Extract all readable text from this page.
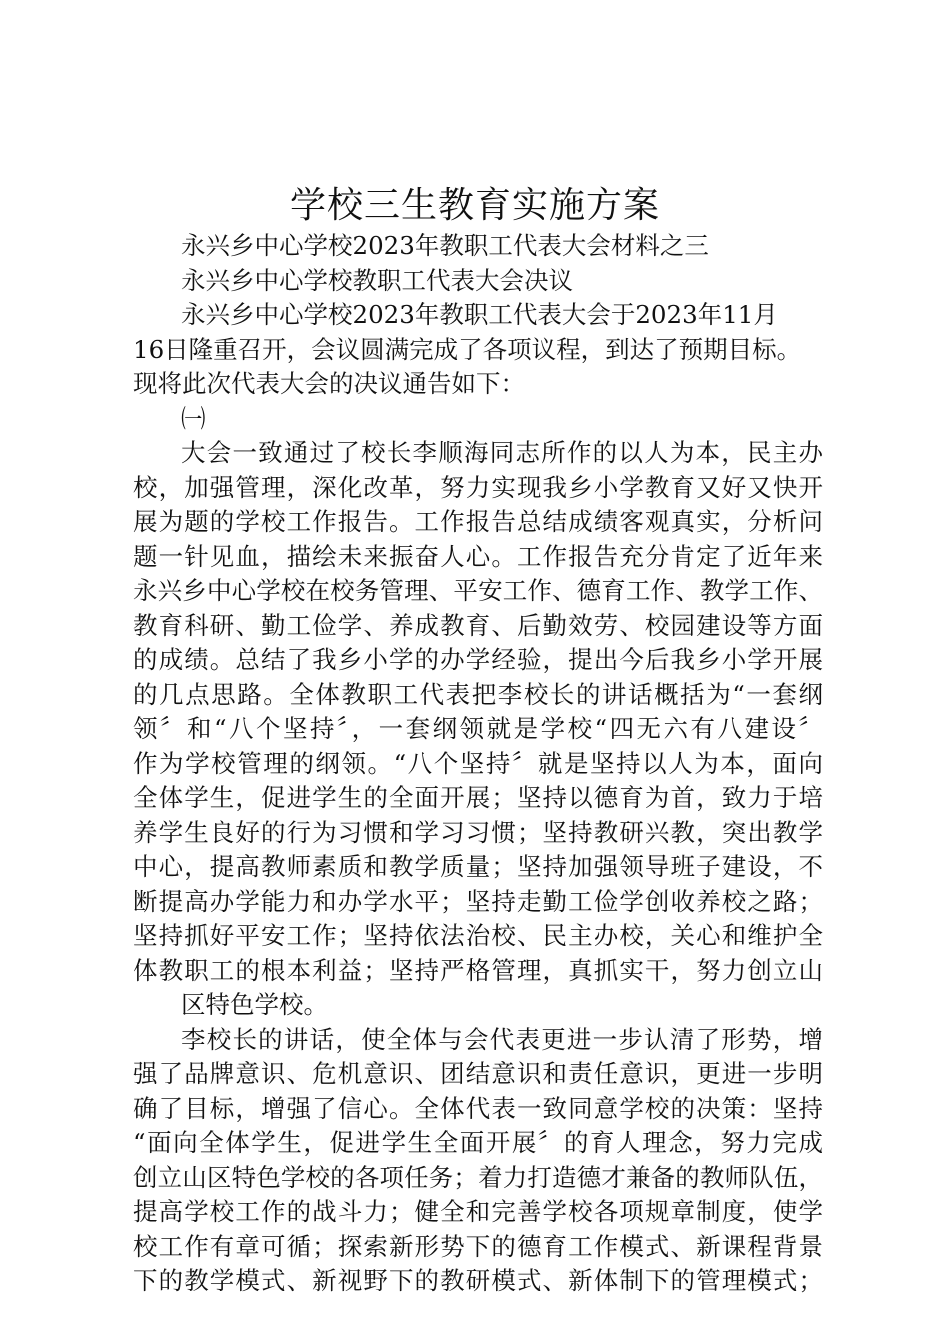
学校三生教育实施方案
永兴乡中心学校2023年教职工代表大会材料之三
永兴乡中心学校教职工代表大会决议
永兴乡中心学校2023年教职工代表大会于2023年11月
16日隆重召开，会议圆满完成了各项议程，到达了预期目标。
现将此次代表大会的决议通告如下：
㈠
大会一致通过了校长李顺海同志所作的以人为本，民主办
校，加强管理，深化改革，努力实现我乡小学教育又好又快开
展为题的学校工作报告。工作报告总结成绩客观真实，分析问
题一针见血，描绘未来振奋人心。工作报告充分肯定了近年来
永兴乡中心学校在校务管理、平安工作、德育工作、教学工作、
教育科研、勤工俭学、养成教育、后勤效劳、校园建设等方面
的成绩。总结了我乡小学的办学经验，提出今后我乡小学开展
的几点思路。全体教职工代表把李校长的讲话概括为“一套纲
领〞和“八个坚持〞，一套纲领就是学校“四无六有八建设〞
作为学校管理的纲领。“八个坚持〞就是坚持以人为本，面向
全体学生，促进学生的全面开展；坚持以德育为首，致力于培
养学生良好的行为习惯和学习习惯；坚持教研兴教，突出教学
中心，提高教师素质和教学质量；坚持加强领导班子建设，不
断提高办学能力和办学水平；坚持走勤工俭学创收养校之路；
坚持抓好平安工作；坚持依法治校、民主办校，关心和维护全
体教职工的根本利益；坚持严格管理，真抓实干，努力创立山
区特色学校。
李校长的讲话，使全体与会代表更进一步认清了形势，增
强了品牌意识、危机意识、团结意识和责任意识，更进一步明
确了目标，增强了信心。全体代表一致同意学校的决策：坚持
“面向全体学生，促进学生全面开展〞的育人理念，努力完成
创立山区特色学校的各项任务；着力打造德才兼备的教师队伍，
提高学校工作的战斗力；健全和完善学校各项规章制度，使学
校工作有章可循；探索新形势下的德育工作模式、新课程背景
下的教学模式、新视野下的教研模式、新体制下的管理模式；
